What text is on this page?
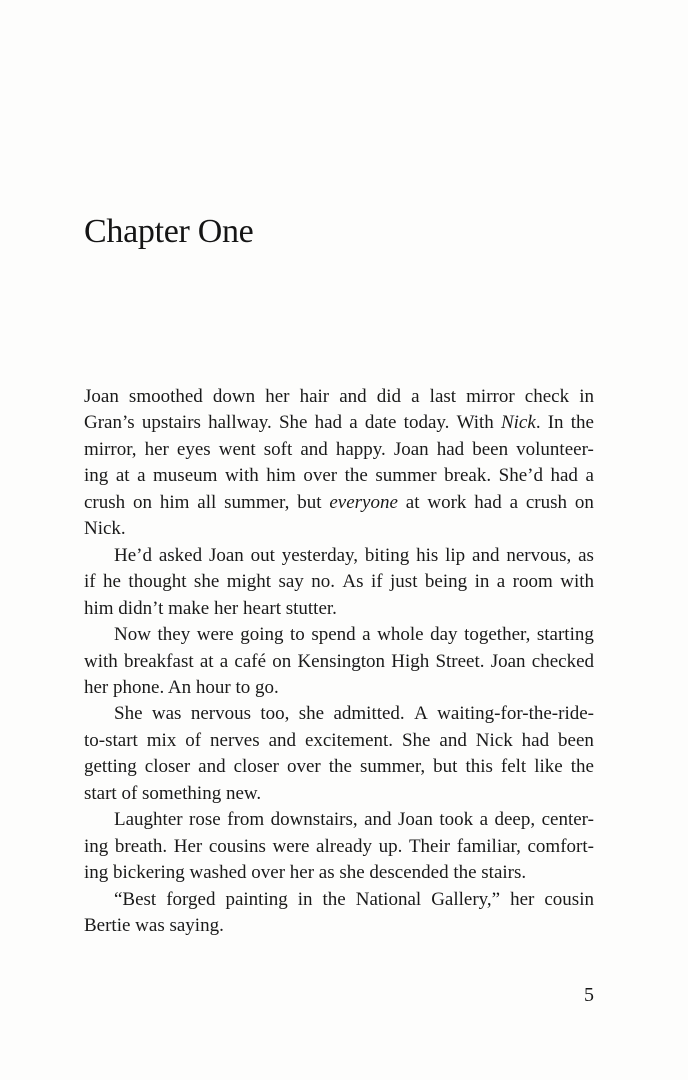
Chapter One
Joan smoothed down her hair and did a last mirror check in
Gran’s upstairs hallway. She had a date today. With Nick. In the
mirror, her eyes went soft and happy. Joan had been volunteer-
ing at a museum with him over the summer break. She’d had a
crush on him all summer, but everyone at work had a crush on
Nick.
He’d asked Joan out yesterday, biting his lip and nervous, as
if he thought she might say no. As if just being in a room with
him didn’t make her heart stutter.
Now they were going to spend a whole day together, starting
with breakfast at a café on Kensington High Street. Joan checked
her phone. An hour to go.
She was nervous too, she admitted. A waiting-for-the-ride-
to-start mix of nerves and excitement. She and Nick had been
getting closer and closer over the summer, but this felt like the
start of something new.
Laughter rose from downstairs, and Joan took a deep, center-
ing breath. Her cousins were already up. Their familiar, comfort-
ing bickering washed over her as she descended the stairs.
“Best forged painting in the National Gallery,” her cousin
Bertie was saying.
5
